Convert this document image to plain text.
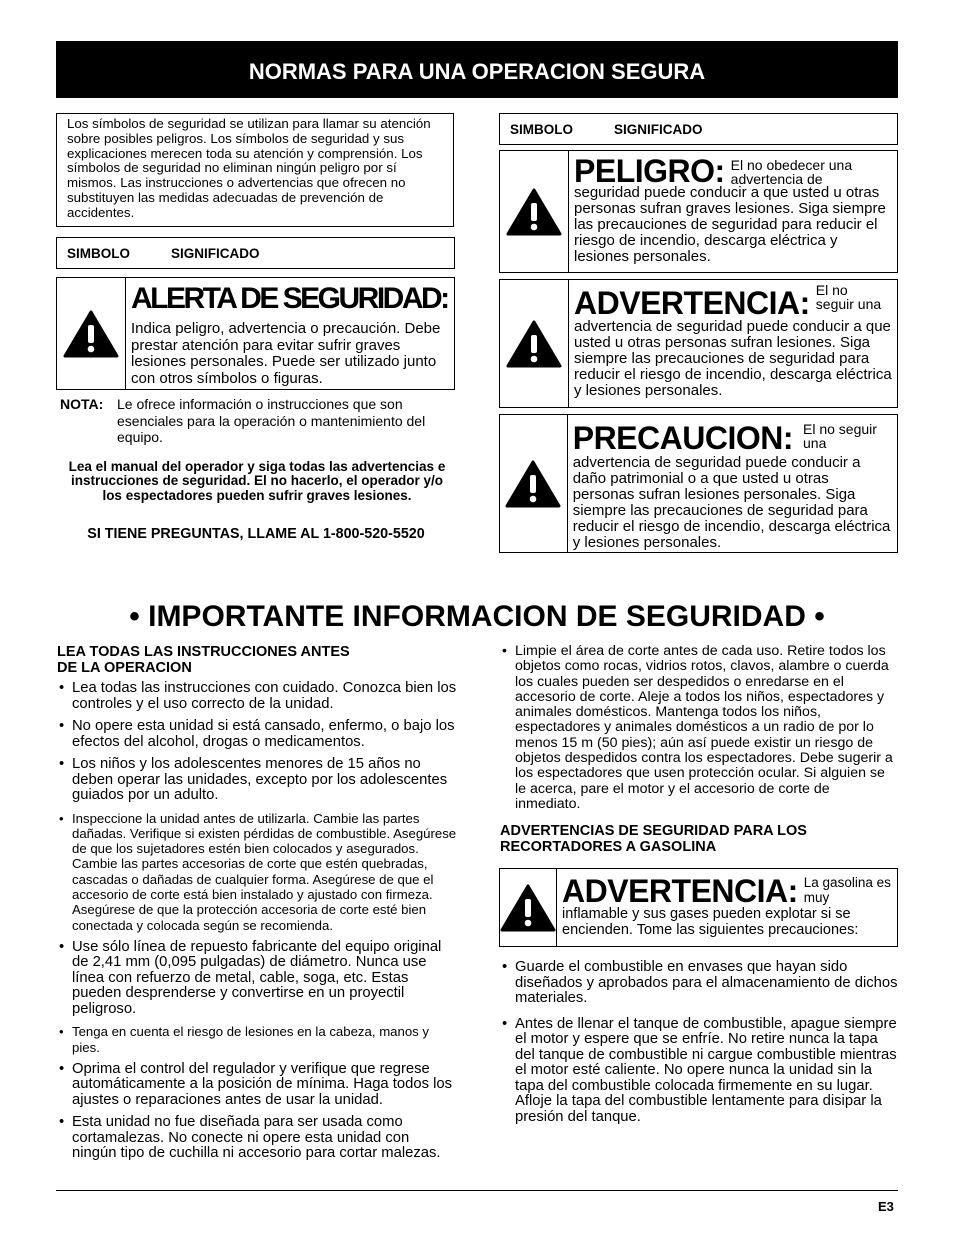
NORMAS PARA UNA OPERACION SEGURA
Los símbolos de seguridad se utilizan para llamar su atención sobre posibles peligros. Los símbolos de seguridad y sus explicaciones merecen toda su atención y comprensión. Los símbolos de seguridad no eliminan ningún peligro por sí mismos. Las instrucciones o advertencias que ofrecen no substituyen las medidas adecuadas de prevención de accidentes.
SIMBOLO	SIGNIFICADO
ALERTA DE SEGURIDAD:
Indica peligro, advertencia o precaución. Debe prestar atención para evitar sufrir graves lesiones personales. Puede ser utilizado junto con otros símbolos o figuras.
NOTA: Le ofrece información o instrucciones que son esenciales para la operación o mantenimiento del equipo.
Lea el manual del operador y siga todas las advertencias e instrucciones de seguridad. El no hacerlo, el operador y/o los espectadores pueden sufrir graves lesiones.
SI TIENE PREGUNTAS, LLAME AL 1-800-520-5520
SIMBOLO	SIGNIFICADO
PELIGRO: El no obedecer una advertencia de
seguridad puede conducir a que usted u otras personas sufran graves lesiones. Siga siempre las precauciones de seguridad para reducir el riesgo de incendio, descarga eléctrica y lesiones personales.
ADVERTENCIA: El no seguir una
advertencia de seguridad puede conducir a que usted u otras personas sufran lesiones. Siga siempre las precauciones de seguridad para reducir el riesgo de incendio, descarga eléctrica y lesiones personales.
PRECAUCION: El no seguir una
advertencia de seguridad puede conducir a daño patrimonial o a que usted u otras personas sufran lesiones personales. Siga siempre las precauciones de seguridad para reducir el riesgo de incendio, descarga eléctrica y lesiones personales.
• IMPORTANTE INFORMACION DE SEGURIDAD •
LEA TODAS LAS INSTRUCCIONES ANTES DE LA OPERACION
• Lea todas las instrucciones con cuidado. Conozca bien los controles y el uso correcto de la unidad.
• No opere esta unidad si está cansado, enfermo, o bajo los efectos del alcohol, drogas o medicamentos.
• Los niños y los adolescentes menores de 15 años no deben operar las unidades, excepto por los adolescentes guiados por un adulto.
• Inspeccione la unidad antes de utilizarla. Cambie las partes dañadas. Verifique si existen pérdidas de combustible. Asegúrese de que los sujetadores estén bien colocados y asegurados. Cambie las partes accesorias de corte que estén quebradas, cascadas o dañadas de cualquier forma. Asegúrese de que el accesorio de corte está bien instalado y ajustado con firmeza. Asegúrese de que la protección accesoria de corte esté bien conectada y colocada según se recomienda.
• Use sólo línea de repuesto fabricante del equipo original de 2,41 mm (0,095 pulgadas) de diámetro. Nunca use línea con refuerzo de metal, cable, soga, etc. Estas pueden desprenderse y convertirse en un proyectil peligroso.
• Tenga en cuenta el riesgo de lesiones en la cabeza, manos y pies.
• Oprima el control del regulador y verifique que regrese automáticamente a la posición de mínima. Haga todos los ajustes o reparaciones antes de usar la unidad.
• Esta unidad no fue diseñada para ser usada como cortamalezas. No conecte ni opere esta unidad con ningún tipo de cuchilla ni accesorio para cortar malezas.
• Limpie el área de corte antes de cada uso. Retire todos los objetos como rocas, vidrios rotos, clavos, alambre o cuerda los cuales pueden ser despedidos o enredarse en el accesorio de corte. Aleje a todos los niños, espectadores y animales domésticos. Mantenga todos los niños, espectadores y animales domésticos a un radio de por lo menos 15 m (50 pies); aún así puede existir un riesgo de objetos despedidos contra los espectadores. Debe sugerir a los espectadores que usen protección ocular. Si alguien se le acerca, pare el motor y el accesorio de corte de inmediato.
ADVERTENCIAS DE SEGURIDAD PARA LOS RECORTADORES A GASOLINA
ADVERTENCIA: La gasolina es muy
inflamable y sus gases pueden explotar si se encienden. Tome las siguientes precauciones:
• Guarde el combustible en envases que hayan sido diseñados y aprobados para el almacenamiento de dichos materiales.
• Antes de llenar el tanque de combustible, apague siempre el motor y espere que se enfríe. No retire nunca la tapa del tanque de combustible ni cargue combustible mientras el motor esté caliente. No opere nunca la unidad sin la tapa del combustible colocada firmemente en su lugar. Afloje la tapa del combustible lentamente para disipar la presión del tanque.
E3
